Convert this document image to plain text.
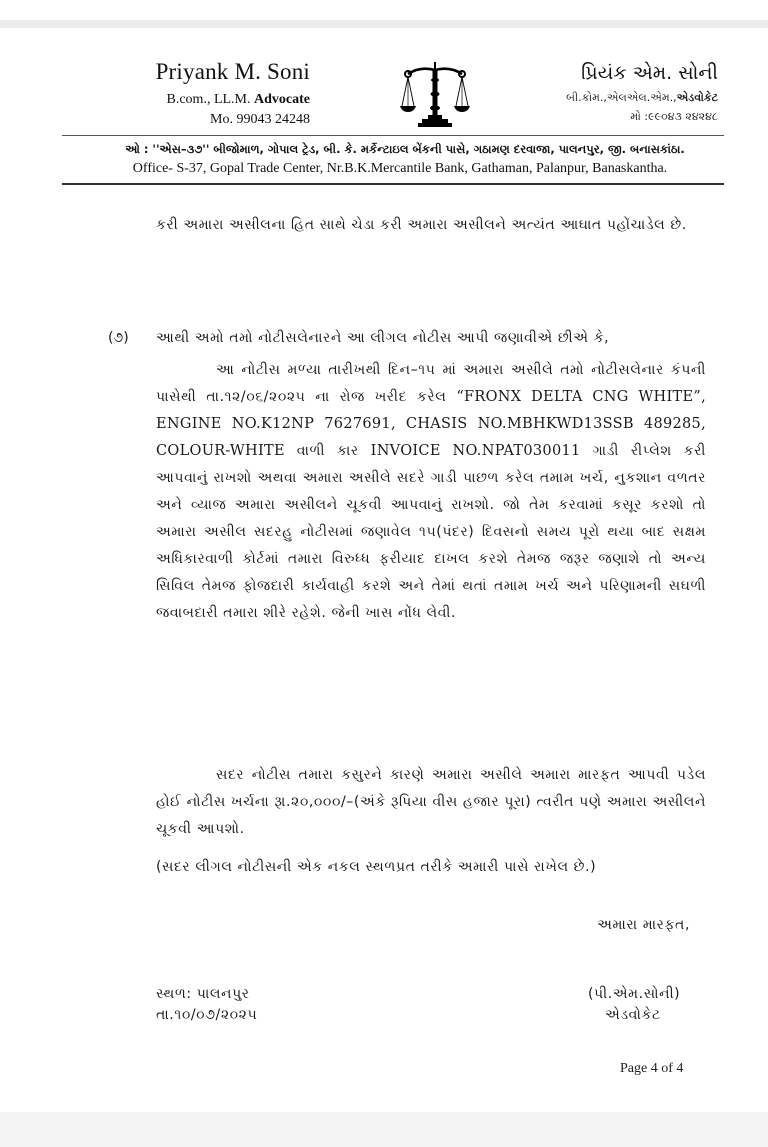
Priyank M. Soni
B.com., LL.M. Advocate
Mo. 99043 24248
પ્રિયંક એમ. સોની
બી.કોમ.,એલએલ.એમ.,એડવોકેટ
મો :૯૯૦૪૩ ૨૪૨૪૮
ઓ : ''એસ–૩૭'' બીજોમાળ, ગોપાલ ટ્રેડ, બી. કે. મર્કેન્ટાઇલ બેંકની પાસે, ગઠામણ દરવાજા, પાલનપુર, જી. બનાસકાંઠા.
Office- S-37, Gopal Trade Center, Nr.B.K.Mercantile Bank, Gathaman, Palanpur, Banaskantha.
કરી અમારા અસીલના હિત સાથે ચેડા કરી અમારા અસીલને અત્યંત આઘાત પહોંચાડેલ છે.
(૭) આથી અમો તમો નોટીસલેનારને આ લીગલ નોટીસ આપી જણાવીએ છીએ કે,
આ નોટીસ મળ્યા તારીખથી દિન–૧૫ માં અમારા અસીલે તમો નોટીસલેનાર કંપની પાસેથી તા.૧૨/૦૬/૨૦૨૫ ના રોજ ખરીદ કરેલ “FRONX DELTA CNG WHITE”, ENGINE NO.K12NP 7627691, CHASIS NO.MBHKWD13SSB 489285, COLOUR-WHITE વાળી કાર INVOICE NO.NPAT030011 ગાડી રીપ્લેશ કરી આપવાનું રાખશો અથવા અમારા અસીલે સદરે ગાડી પાછળ કરેલ તમામ ખર્ચ, નુકશાન વળતર અને વ્યાજ અમારા અસીલને ચૂકવી આપવાનું રાખશો. જો તેમ કરવામાં કસૂર કરશો તો અમારા અસીલ સદરહુ નોટીસમાં જણાવેલ ૧૫(પંદર) દિવસનો સમય પૂરો થયા બાદ સક્ષમ અધિકારવાળી કોર્ટમાં તમારા વિરુધ્ધ ફરીયાદ દાખલ કરશે તેમજ જરૂર જણાશે તો અન્ય સિવિલ તેમજ ફોજદારી કાર્યવાહી કરશે અને તેમાં થતાં તમામ ખર્ચ અને પરિણામની સઘળી જવાબદારી તમારા શીરે રહેશે. જેની ખાસ નોંધ લેવી.
સદર નોટીસ તમારા કસુરને કારણે અમારા અસીલે અમારા મારફત આપવી પડેલ હોઈ નોટીસ ખર્ચના રૂા.૨૦,૦૦૦/–(અંકે રૂપિયા વીસ હજાર પૂરા) ત્વરીત પણે અમારા અસીલને ચૂકવી આપશો.
(સદર લીગલ નોટીસની એક નકલ સ્થળપ્રત તરીકે અમારી પાસે રાખેલ છે.)
અમારા મારફત,
સ્થળ: પાલનપુર
તા.૧૦/૦૭/૨૦૨૫
(પી.એમ.સોની)
એડવોકેટ
Page 4 of 4
